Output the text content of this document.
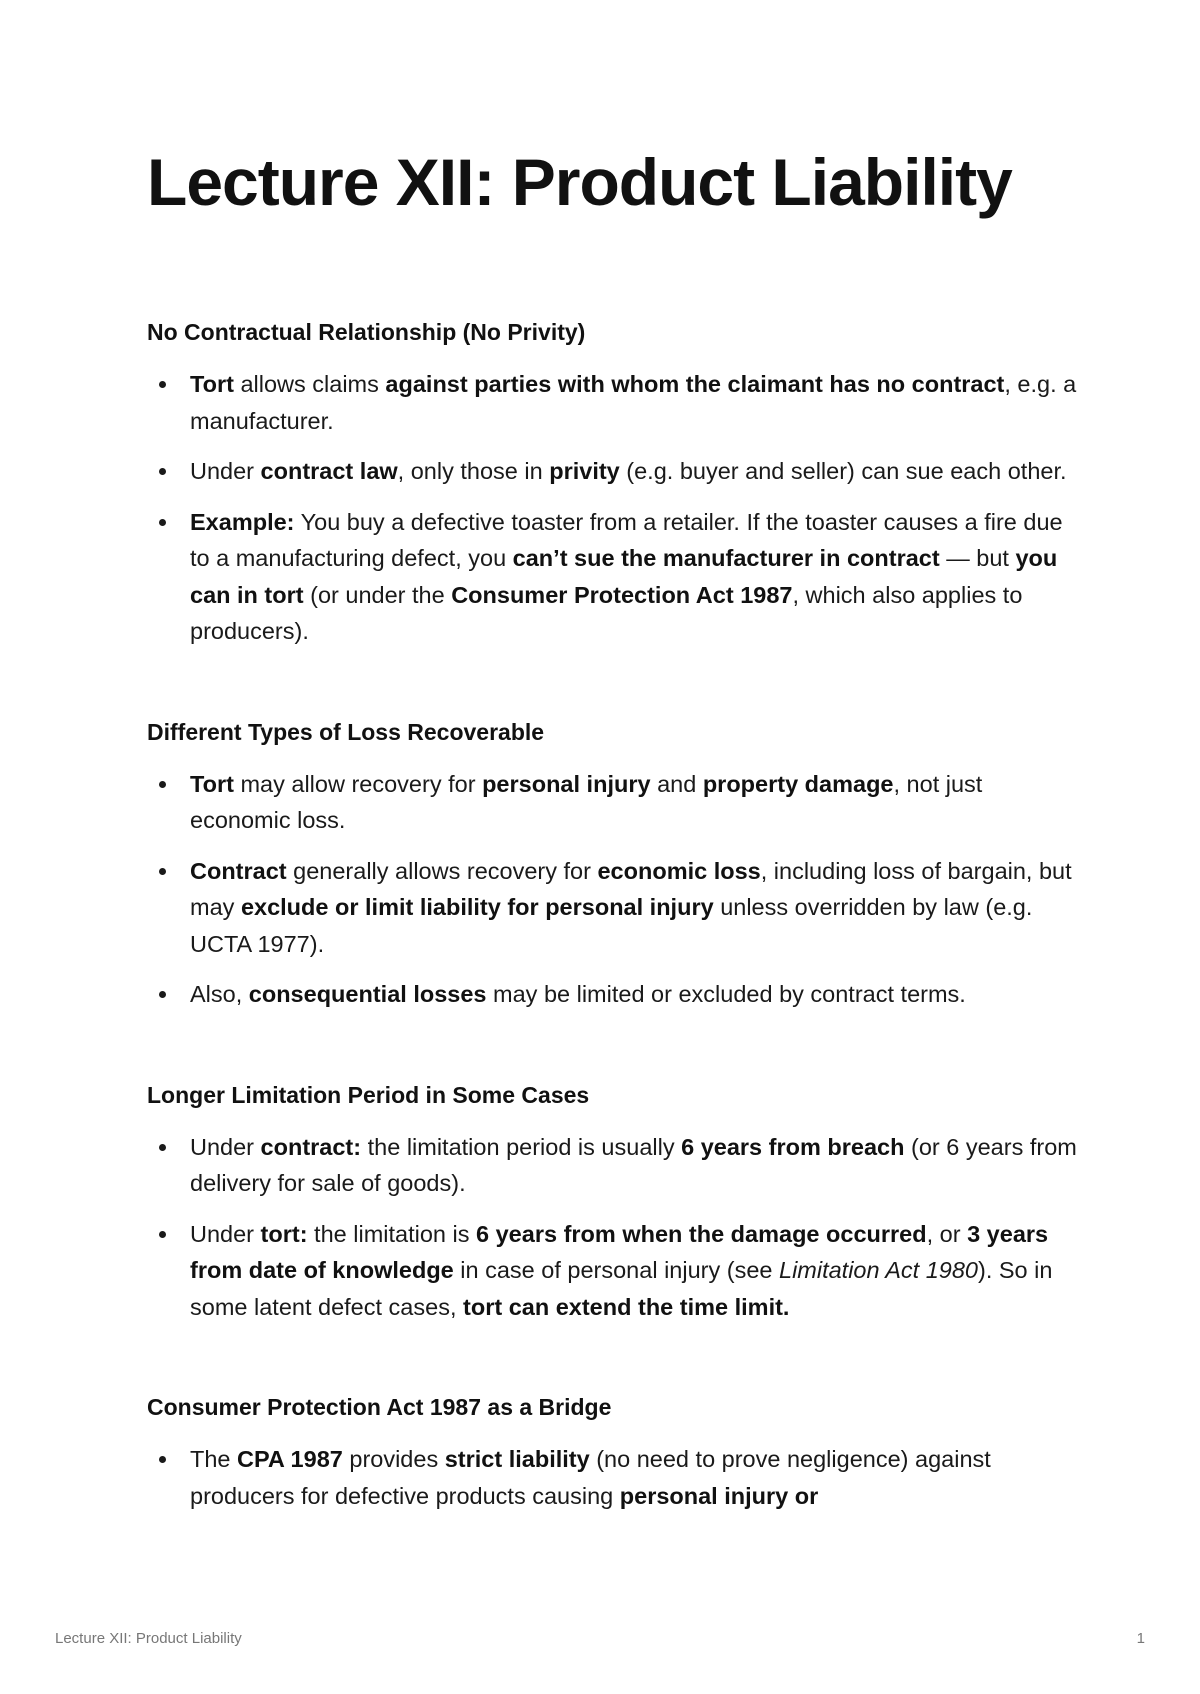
Lecture XII: Product Liability
No Contractual Relationship (No Privity)
Tort allows claims against parties with whom the claimant has no contract, e.g. a manufacturer.
Under contract law, only those in privity (e.g. buyer and seller) can sue each other.
Example: You buy a defective toaster from a retailer. If the toaster causes a fire due to a manufacturing defect, you can’t sue the manufacturer in contract — but you can in tort (or under the Consumer Protection Act 1987, which also applies to producers).
Different Types of Loss Recoverable
Tort may allow recovery for personal injury and property damage, not just economic loss.
Contract generally allows recovery for economic loss, including loss of bargain, but may exclude or limit liability for personal injury unless overridden by law (e.g. UCTA 1977).
Also, consequential losses may be limited or excluded by contract terms.
Longer Limitation Period in Some Cases
Under contract: the limitation period is usually 6 years from breach (or 6 years from delivery for sale of goods).
Under tort: the limitation is 6 years from when the damage occurred, or 3 years from date of knowledge in case of personal injury (see Limitation Act 1980). So in some latent defect cases, tort can extend the time limit.
Consumer Protection Act 1987 as a Bridge
The CPA 1987 provides strict liability (no need to prove negligence) against producers for defective products causing personal injury or
Lecture XII: Product Liability	1
